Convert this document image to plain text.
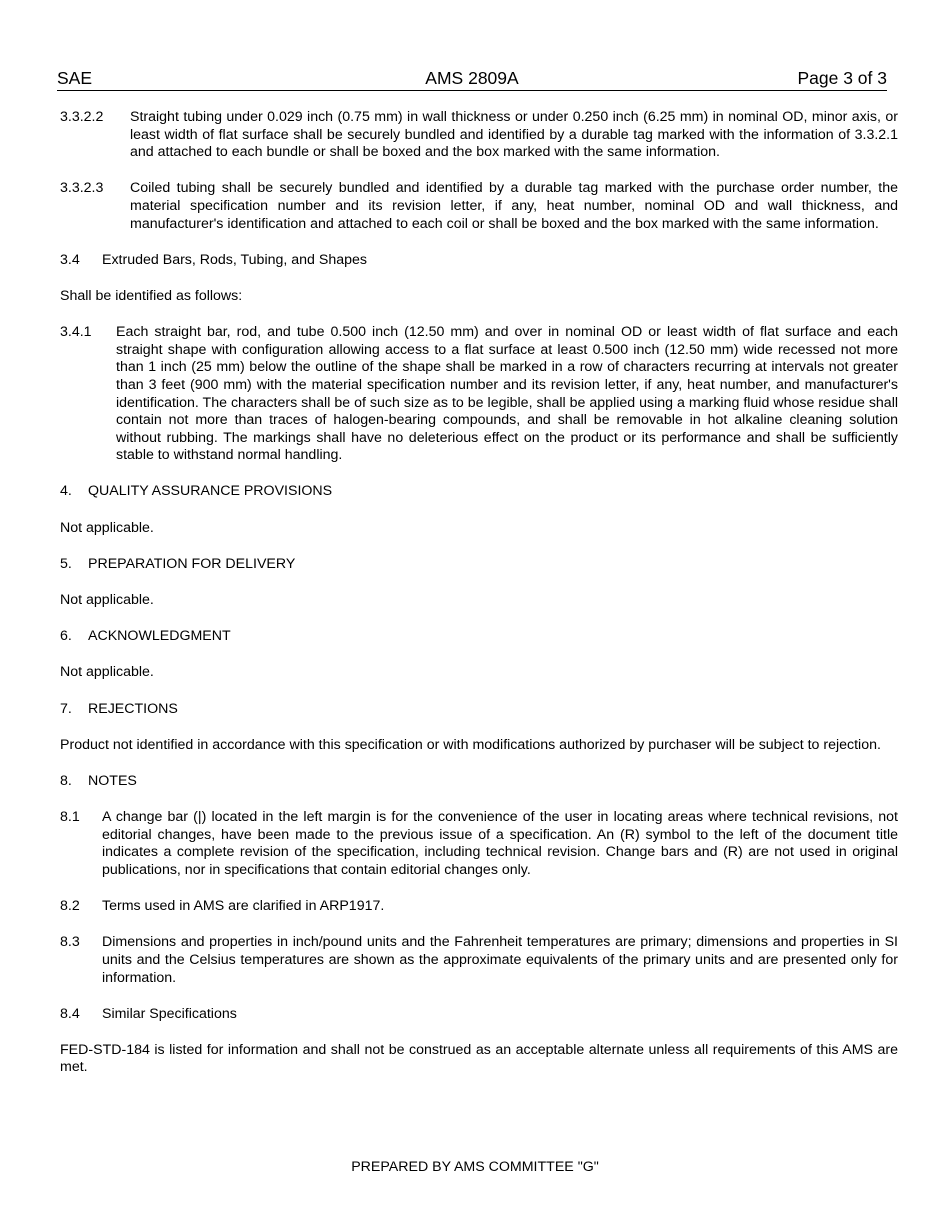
SAE	AMS 2809A	Page 3 of 3
3.3.2.2	Straight tubing under 0.029 inch (0.75 mm) in wall thickness or under 0.250 inch (6.25 mm) in nominal OD, minor axis, or least width of flat surface shall be securely bundled and identified by a durable tag marked with the information of 3.3.2.1 and attached to each bundle or shall be boxed and the box marked with the same information.
3.3.2.3	Coiled tubing shall be securely bundled and identified by a durable tag marked with the purchase order number, the material specification number and its revision letter, if any, heat number, nominal OD and wall thickness, and manufacturer's identification and attached to each coil or shall be boxed and the box marked with the same information.
3.4	Extruded Bars, Rods, Tubing, and Shapes

Shall be identified as follows:

3.4.1	Each straight bar, rod, and tube 0.500 inch (12.50 mm) and over in nominal OD or least width of flat surface and each straight shape with configuration allowing access to a flat surface at least 0.500 inch (12.50 mm) wide recessed not more than 1 inch (25 mm) below the outline of the shape shall be marked in a row of characters recurring at intervals not greater than 3 feet (900 mm) with the material specification number and its revision letter, if any, heat number, and manufacturer's identification. The characters shall be of such size as to be legible, shall be applied using a marking fluid whose residue shall contain not more than traces of halogen-bearing compounds, and shall be removable in hot alkaline cleaning solution without rubbing. The markings shall have no deleterious effect on the product or its performance and shall be sufficiently stable to withstand normal handling.
4.	QUALITY ASSURANCE PROVISIONS

Not applicable.

5.	PREPARATION FOR DELIVERY

Not applicable.

6.	ACKNOWLEDGMENT

Not applicable.

7.	REJECTIONS

Product not identified in accordance with this specification or with modifications authorized by purchaser will be subject to rejection.

8.	NOTES
8.1	A change bar (|) located in the left margin is for the convenience of the user in locating areas where technical revisions, not editorial changes, have been made to the previous issue of a specification. An (R) symbol to the left of the document title indicates a complete revision of the specification, including technical revision. Change bars and (R) are not used in original publications, nor in specifications that contain editorial changes only.
8.2	Terms used in AMS are clarified in ARP1917.
8.3	Dimensions and properties in inch/pound units and the Fahrenheit temperatures are primary; dimensions and properties in SI units and the Celsius temperatures are shown as the approximate equivalents of the primary units and are presented only for information.
8.4	Similar Specifications

FED-STD-184 is listed for information and shall not be construed as an acceptable alternate unless all requirements of this AMS are met.

PREPARED BY AMS COMMITTEE "G"
